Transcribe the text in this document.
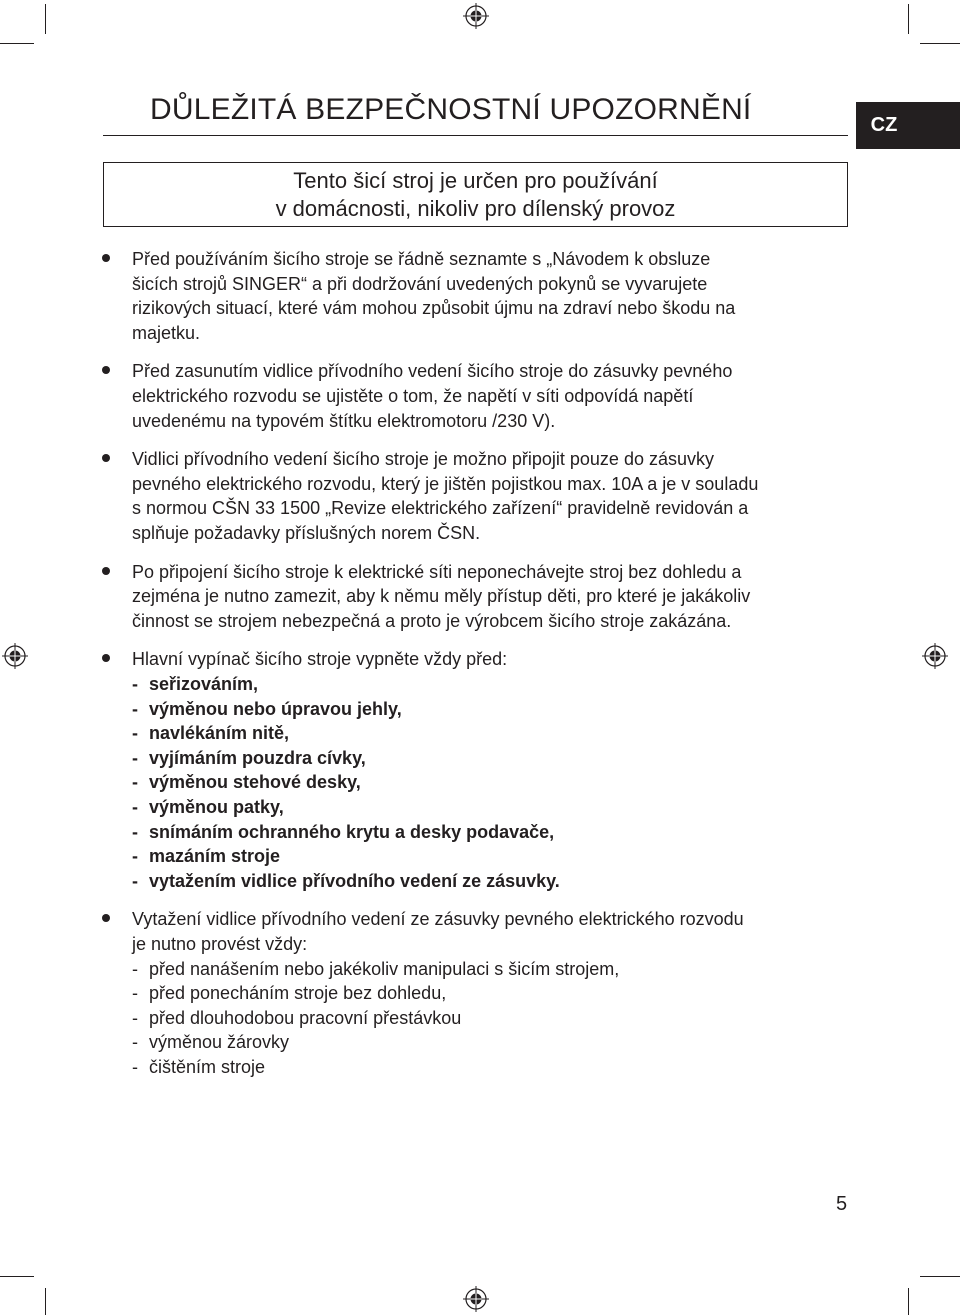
DŮLEŽITÁ BEZPEČNOSTNÍ UPOZORNĚNÍ	CZ
Tento šicí stroj je určen pro používání
v domácnosti, nikoliv pro dílenský provoz

Před používáním šicího stroje se řádně seznamte s „Návodem k obsluze

šicích strojů SINGER“ a při dodržování uvedených pokynů se vyvarujete

rizikových situací, které vám mohou způsobit újmu na zdraví nebo škodu na

majetku.

Před zasunutím vidlice přívodního vedení šicího stroje do zásuvky pevného

elektrického rozvodu se ujistěte o tom, že napětí v síti odpovídá napětí

uvedenému na typovém štítku elektromotoru /230 V).

Vidlici přívodního vedení šicího stroje je možno připojit pouze do zásuvky

pevného elektrického rozvodu, který je jištěn pojistkou max. 10A a je v souladu

s normou CŠN 33 1500 „Revize elektrického zařízení“ pravidelně revidován a

splňuje požadavky příslušných norem ČSN.

Po připojení šicího stroje k elektrické síti neponechávejte stroj bez dohledu a

zejména je nutno zamezit, aby k němu měly přístup děti, pro které je jakákoliv

činnost se strojem nebezpečná a proto je výrobcem šicího stroje zakázána.

Hlavní vypínač šicího stroje vypněte vždy před:

- seřizováním,
- výměnou nebo úpravou jehly,
- navlékáním nitě,
- vyjímáním pouzdra cívky,
- výměnou stehové desky,
- výměnou patky,
- snímáním ochranného krytu a desky podavače,
- mazáním stroje
- vytažením vidlice přívodního vedení ze zásuvky.

Vytažení vidlice přívodního vedení ze zásuvky pevného elektrického rozvodu

je nutno provést vždy:

- před nanášením nebo jakékoliv manipulaci s šicím strojem,
- před ponecháním stroje bez dohledu,
- před dlouhodobou pracovní přestávkou
- výměnou žárovky
- čištěním stroje
5
